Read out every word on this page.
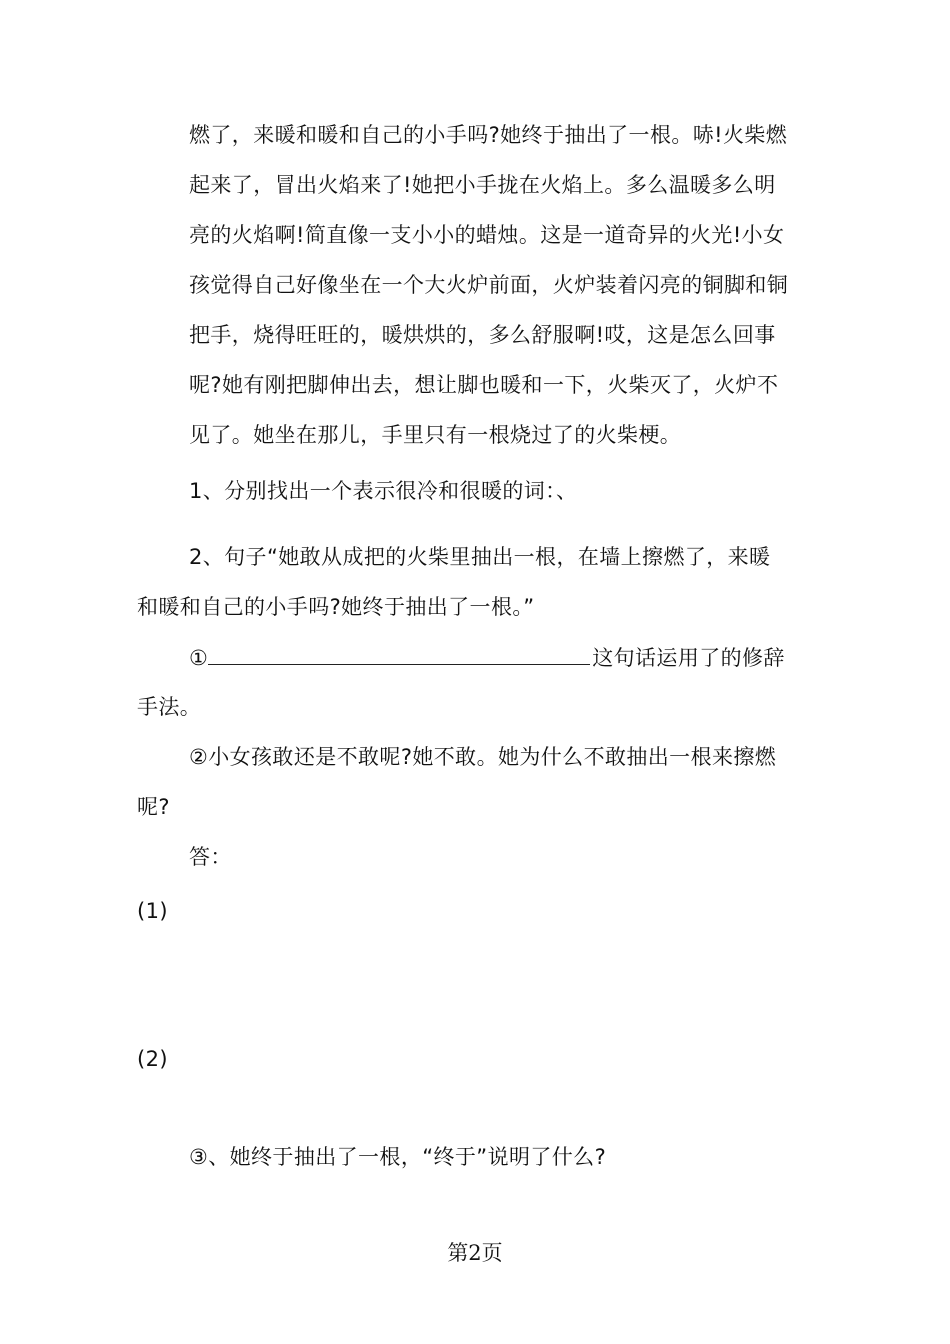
燃了，来暖和暖和自己的小手吗?她终于抽出了一根。哧!火柴燃
起来了，冒出火焰来了!她把小手拢在火焰上。多么温暖多么明
亮的火焰啊!简直像一支小小的蜡烛。这是一道奇异的火光!小女
孩觉得自己好像坐在一个大火炉前面，火炉装着闪亮的铜脚和铜
把手，烧得旺旺的，暖烘烘的，多么舒服啊!哎，这是怎么回事
呢?她有刚把脚伸出去，想让脚也暖和一下，火柴灭了，火炉不
见了。她坐在那儿，手里只有一根烧过了的火柴梗。
1、分别找出一个表示很冷和很暖的词：、
2、句子“她敢从成把的火柴里抽出一根，在墙上擦燃了，来暖
和暖和自己的小手吗?她终于抽出了一根。”
①	这句话运用了的修辞
手法。
②小女孩敢还是不敢呢?她不敢。她为什么不敢抽出一根来擦燃
呢?
答：
(1)
(2)
③、她终于抽出了一根，“终于”说明了什么?
第2页
